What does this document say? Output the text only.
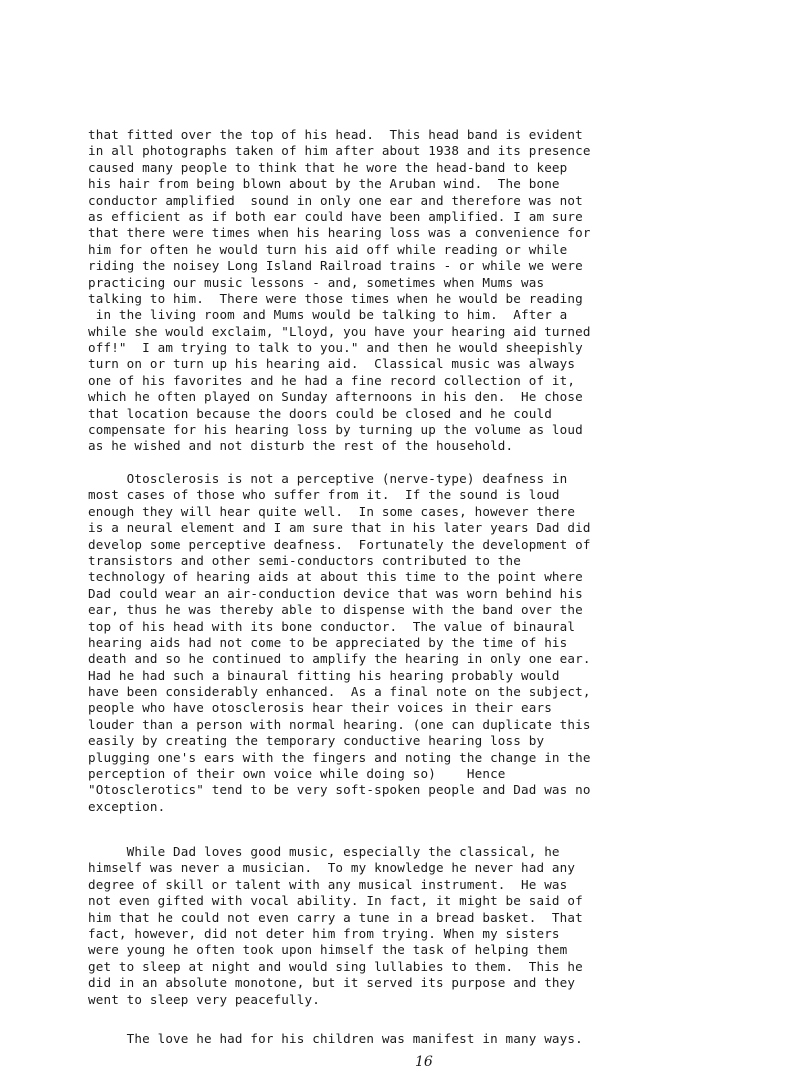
that fitted over the top of his head.  This head band is evident
in all photographs taken of him after about 1938 and its presence
caused many people to think that he wore the head-band to keep
his hair from being blown about by the Aruban wind.  The bone
conductor amplified  sound in only one ear and therefore was not
as efficient as if both ear could have been amplified. I am sure
that there were times when his hearing loss was a convenience for
him for often he would turn his aid off while reading or while
riding the noisey Long Island Railroad trains - or while we were
practicing our music lessons - and, sometimes when Mums was
talking to him.  There were those times when he would be reading
in the living room and Mums would be talking to him.  After a
while she would exclaim, "Lloyd, you have your hearing aid turned
off!"  I am trying to talk to you." and then he would sheepishly
turn on or turn up his hearing aid.  Classical music was always
one of his favorites and he had a fine record collection of it,
which he often played on Sunday afternoons in his den.  He chose
that location because the doors could be closed and he could
compensate for his hearing loss by turning up the volume as loud
as he wished and not disturb the rest of the household.
Otosclerosis is not a perceptive (nerve-type) deafness in
most cases of those who suffer from it.  If the sound is loud
enough they will hear quite well.  In some cases, however there
is a neural element and I am sure that in his later years Dad did
develop some perceptive deafness.  Fortunately the development of
transistors and other semi-conductors contributed to the
technology of hearing aids at about this time to the point where
Dad could wear an air-conduction device that was worn behind his
ear, thus he was thereby able to dispense with the band over the
top of his head with its bone conductor.  The value of binaural
hearing aids had not come to be appreciated by the time of his
death and so he continued to amplify the hearing in only one ear.
Had he had such a binaural fitting his hearing probably would
have been considerably enhanced.  As a final note on the subject,
people who have otosclerosis hear their voices in their ears
louder than a person with normal hearing. (one can duplicate this
easily by creating the temporary conductive hearing loss by
plugging one's ears with the fingers and noting the change in the
perception of their own voice while doing so)    Hence
"Otosclerotics" tend to be very soft-spoken people and Dad was no
exception.
While Dad loves good music, especially the classical, he
himself was never a musician.  To my knowledge he never had any
degree of skill or talent with any musical instrument.  He was
not even gifted with vocal ability. In fact, it might be said of
him that he could not even carry a tune in a bread basket.  That
fact, however, did not deter him from trying. When my sisters
were young he often took upon himself the task of helping them
get to sleep at night and would sing lullabies to them.  This he
did in an absolute monotone, but it served its purpose and they
went to sleep very peacefully.
The love he had for his children was manifest in many ways.
16
